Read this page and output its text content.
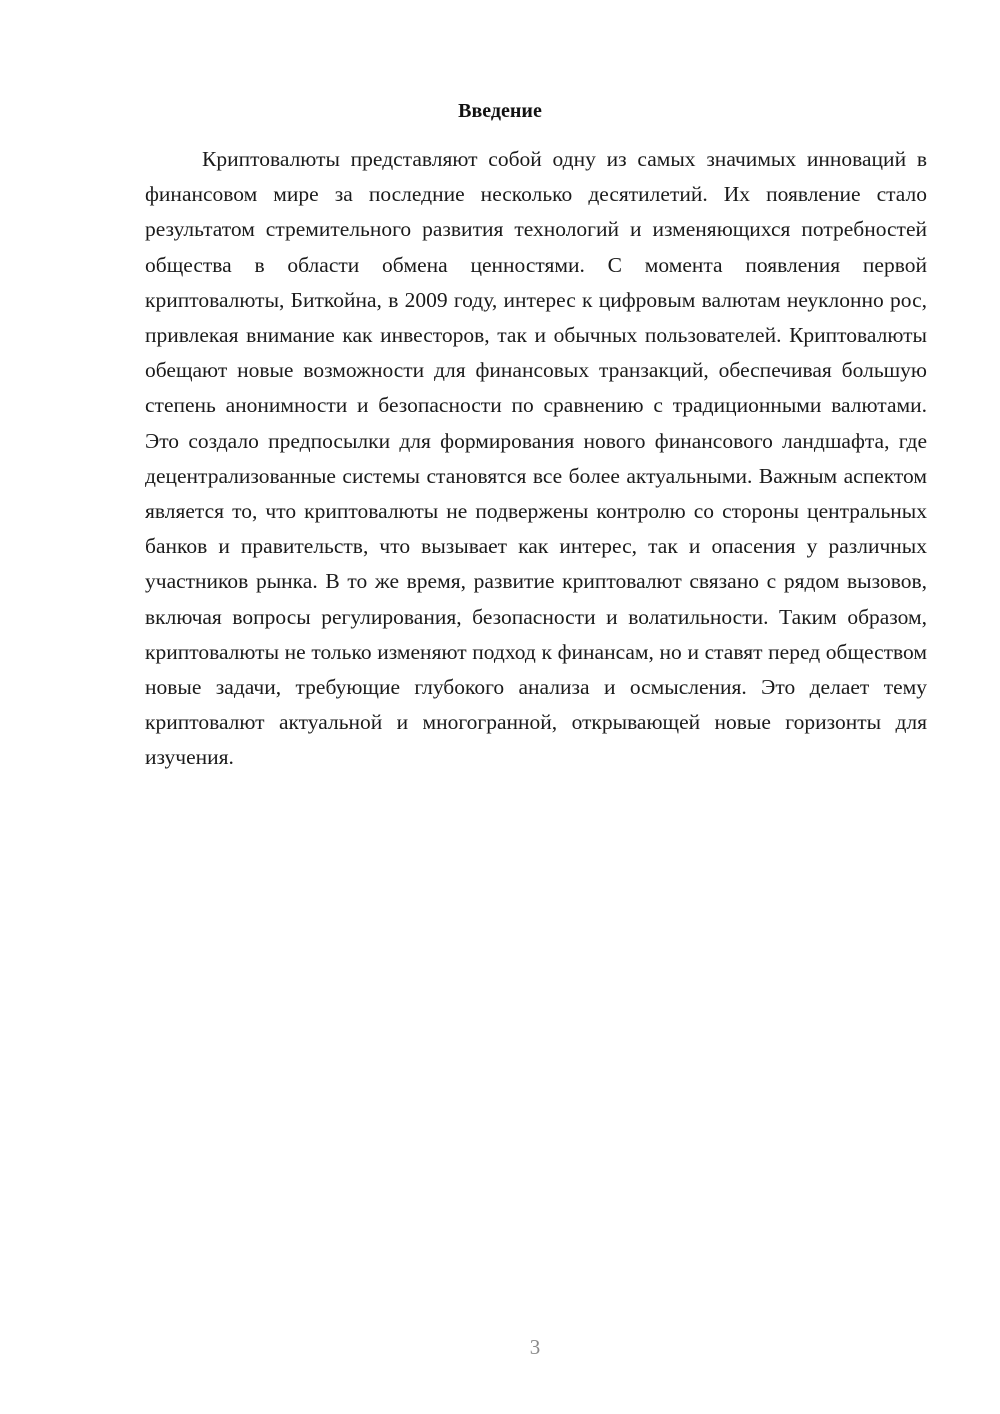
Введение

Криптовалюты представляют собой одну из самых значимых инноваций в финансовом мире за последние несколько десятилетий. Их появление стало результатом стремительного развития технологий и изменяющихся потребностей общества в области обмена ценностями. С момента появления первой криптовалюты, Биткойна, в 2009 году, интерес к цифровым валютам неуклонно рос, привлекая внимание как инвесторов, так и обычных пользователей. Криптовалюты обещают новые возможности для финансовых транзакций, обеспечивая большую степень анонимности и безопасности по сравнению с традиционными валютами. Это создало предпосылки для формирования нового финансового ландшафта, где децентрализованные системы становятся все более актуальными. Важным аспектом является то, что криптовалюты не подвержены контролю со стороны центральных банков и правительств, что вызывает как интерес, так и опасения у различных участников рынка. В то же время, развитие криптовалют связано с рядом вызовов, включая вопросы регулирования, безопасности и волатильности. Таким образом, криптовалюты не только изменяют подход к финансам, но и ставят перед обществом новые задачи, требующие глубокого анализа и осмысления. Это делает тему криптовалют актуальной и многогранной, открывающей новые горизонты для изучения.

3
